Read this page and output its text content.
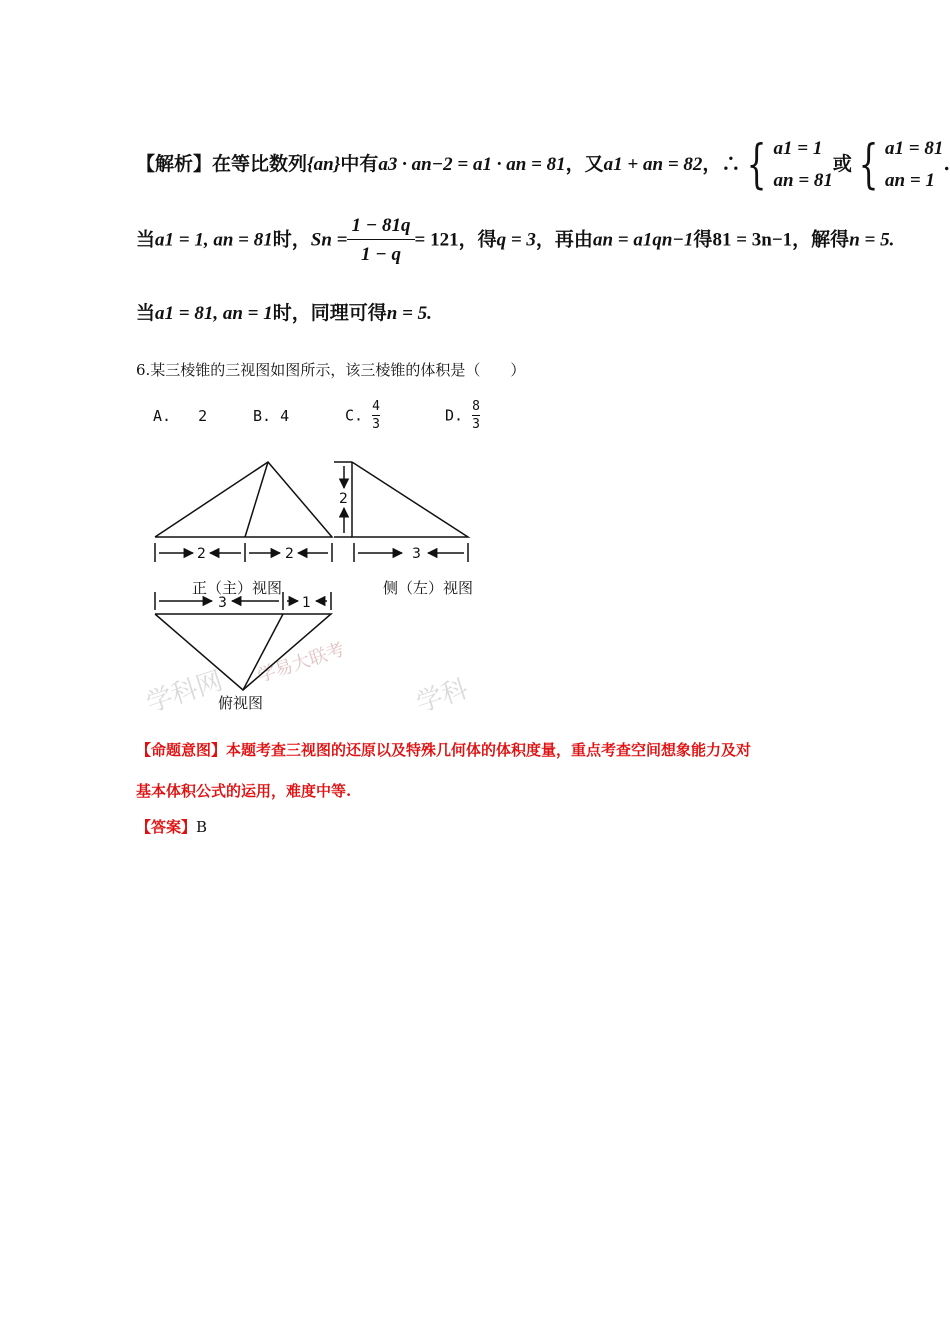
【解析】在等比数列{an}中有a3 · an−2 = a1 · an = 81，又a1 + an = 82，∴ { a1 = 1
an = 81
或 { a1 = 81
an = 1
.
当a1 = 1, an = 81时，$Sn = \frac{1 - 81q}{1 - q} = 121$，得q = 3，再由an = a1qn−1得81 = 3n−1，解得n = 5.
当a1 = 81, an = 1时，同理可得n = 5.
6.某三棱锥的三视图如图所示，该三棱锥的体积是（　　）
A. 2	B. 4	C. $\frac{4}{3}$	D. $\frac{8}{3}$
学科网
学易大联考
学科
2	2
2
3
3	1
正（主）视图	侧（左）视图
俯视图
【命题意图】本题考查三视图的还原以及特殊几何体的体积度量，重点考查空间想象能力及对
基本体积公式的运用，难度中等.
【答案】B
